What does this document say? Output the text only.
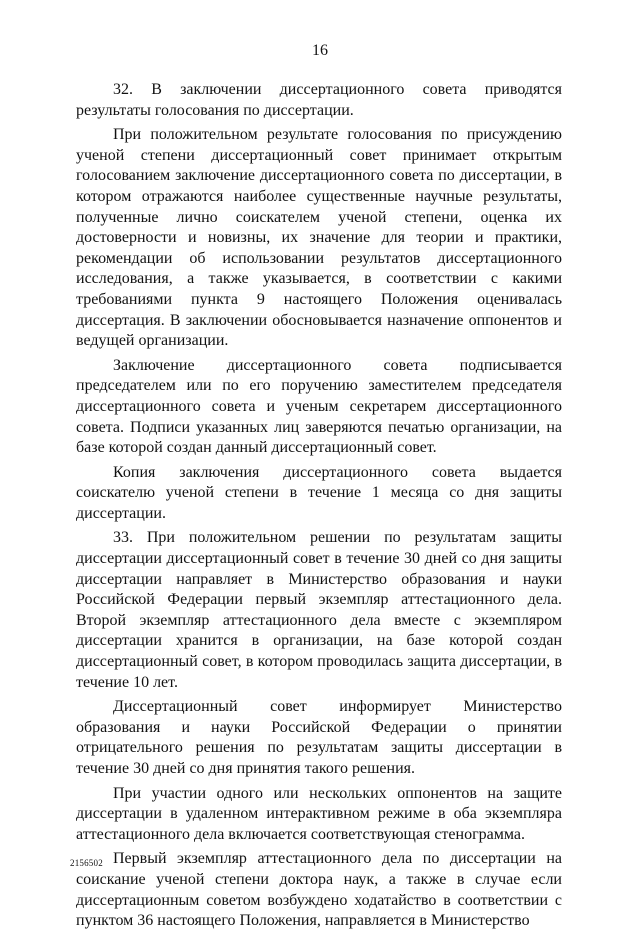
16

32. В заключении диссертационного совета приводятся результаты голосования по диссертации.

При положительном результате голосования по присуждению ученой степени диссертационный совет принимает открытым голосованием заключение диссертационного совета по диссертации, в котором отражаются наиболее существенные научные результаты, полученные лично соискателем ученой степени, оценка их достоверности и новизны, их значение для теории и практики, рекомендации об использовании результатов диссертационного исследования, а также указывается, в соответствии с какими требованиями пункта 9 настоящего Положения оценивалась диссертация. В заключении обосновывается назначение оппонентов и ведущей организации.

Заключение диссертационного совета подписывается председателем или по его поручению заместителем председателя диссертационного совета и ученым секретарем диссертационного совета. Подписи указанных лиц заверяются печатью организации, на базе которой создан данный диссертационный совет.

Копия заключения диссертационного совета выдается соискателю ученой степени в течение 1 месяца со дня защиты диссертации.

33. При положительном решении по результатам защиты диссертации диссертационный совет в течение 30 дней со дня защиты диссертации направляет в Министерство образования и науки Российской Федерации первый экземпляр аттестационного дела. Второй экземпляр аттестационного дела вместе с экземпляром диссертации хранится в организации, на базе которой создан диссертационный совет, в котором проводилась защита диссертации, в течение 10 лет.

Диссертационный совет информирует Министерство образования и науки Российской Федерации о принятии отрицательного решения по результатам защиты диссертации в течение 30 дней со дня принятия такого решения.

При участии одного или нескольких оппонентов на защите диссертации в удаленном интерактивном режиме в оба экземпляра аттестационного дела включается соответствующая стенограмма.

Первый экземпляр аттестационного дела по диссертации на соискание ученой степени доктора наук, а также в случае если диссертационным советом возбуждено ходатайство в соответствии с пунктом 36 настоящего Положения, направляется в Министерство

2156502
